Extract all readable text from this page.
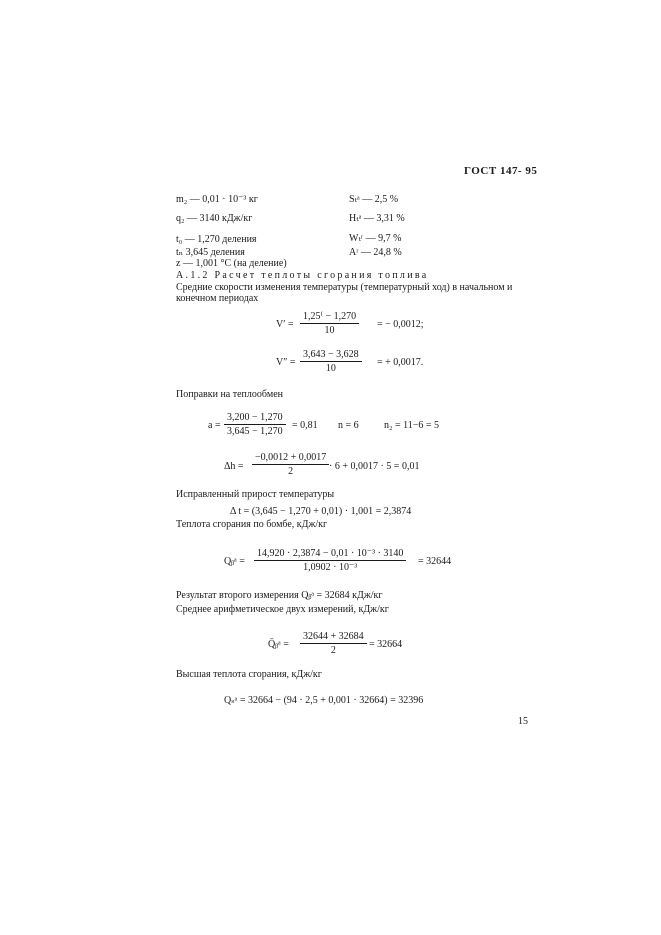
ГОСТ 147- 95
m₂ — 0,01 · 10⁻³ кг
q₂ — 3140 кДж/кг
t₀ — 1,270 деления
tₙ 3,645 деления
z — 1,001 °С (на деление)
Sₜᵃ — 2,5 %
Hₜᵃ — 3,31 %
Wₜʳ — 9,7 %
Aʳ — 24,8 %
А.1.2 Расчет теплоты сгорания топлива
Средние скорости изменения температуры (температурный ход) в начальном и
конечном периодах
$V' = \frac{1,25^( - 1,270}{10}$ = − 0,0012;
$V'' = \frac{3,643 - 3,628}{10}$ = + 0,0017.
Поправки на теплообмен
$a = \frac{3,200 - 1,270}{3,645 - 1,270} = 0,81$ n = 6	n₂ = 11−6 = 5
$\Delta h = \frac{-0,0012 + 0,0017}{2} \cdot 6 + 0,0017 \cdot 5 = 0,01$
Исправленный прирост температуры
Δ t = (3,645 − 1,270 + 0,01) · 1,001 = 2,3874
Теплота сгорания по бомбе, кДж/кг
Qᵦᵃ = $\frac{\text{14,920 · 2,3874 − 0,01 · 10⁻³ · 3140}}{\text{1,0902 · 10⁻³}} = 32644$
Результат второго измерения Qᵦᵃ = 32684 кДж/кг
Среднее арифметическое двух измерений, кДж/кг
Q̄ᵦᵃ = $\frac{32644 + 32684}{2} = 32664$
Высшая теплота сгорания, кДж/кг
Qₛᵃ = 32664 − (94 · 2,5 + 0,001 · 32664) = 32396
15
